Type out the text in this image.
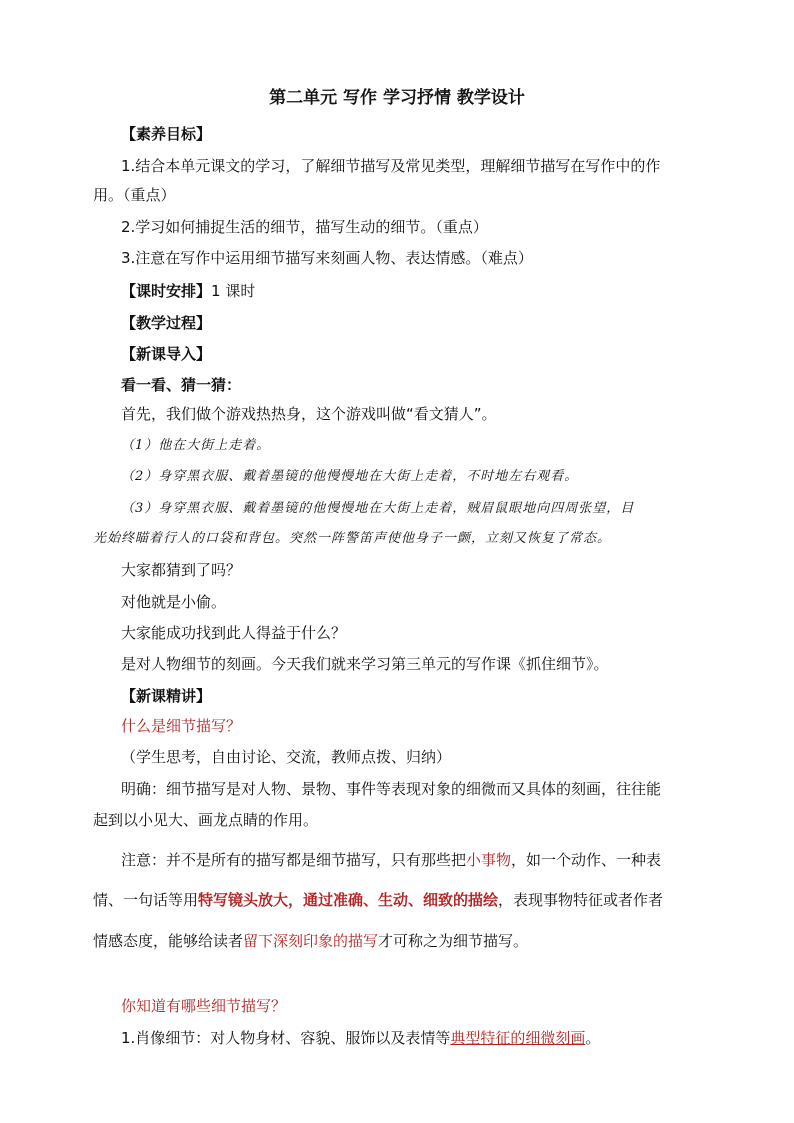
第二单元 写作 学习抒情 教学设计
【素养目标】
1.结合本单元课文的学习，了解细节描写及常见类型，理解细节描写在写作中的作
用。（重点）
2.学习如何捕捉生活的细节，描写生动的细节。（重点）
3.注意在写作中运用细节描写来刻画人物、表达情感。（难点）
【课时安排】1 课时
【教学过程】
【新课导入】
看一看、猜一猜：
首先，我们做个游戏热热身，这个游戏叫做“看文猜人”。
（1）他在大街上走着。
（2）身穿黑衣服、戴着墨镜的他慢慢地在大街上走着，不时地左右观看。
（3）身穿黑衣服、戴着墨镜的他慢慢地在大街上走着，贼眉鼠眼地向四周张望，目
光始终瞄着行人的口袋和背包。突然一阵警笛声使他身子一颤，立刻又恢复了常态。
大家都猜到了吗？
对他就是小偷。
大家能成功找到此人得益于什么？
是对人物细节的刻画。今天我们就来学习第三单元的写作课《抓住细节》。
【新课精讲】
什么是细节描写？
（学生思考，自由讨论、交流，教师点拨、归纳）
明确：细节描写是对人物、景物、事件等表现对象的细微而又具体的刻画，往往能
起到以小见大、画龙点睛的作用。
注意：并不是所有的描写都是细节描写，只有那些把小事物，如一个动作、一种表
情、一句话等用特写镜头放大，通过准确、生动、细致的描绘，表现事物特征或者作者
情感态度，能够给读者留下深刻印象的描写才可称之为细节描写。
你知道有哪些细节描写？
1.肖像细节：对人物身材、容貌、服饰以及表情等典型特征的细微刻画。
